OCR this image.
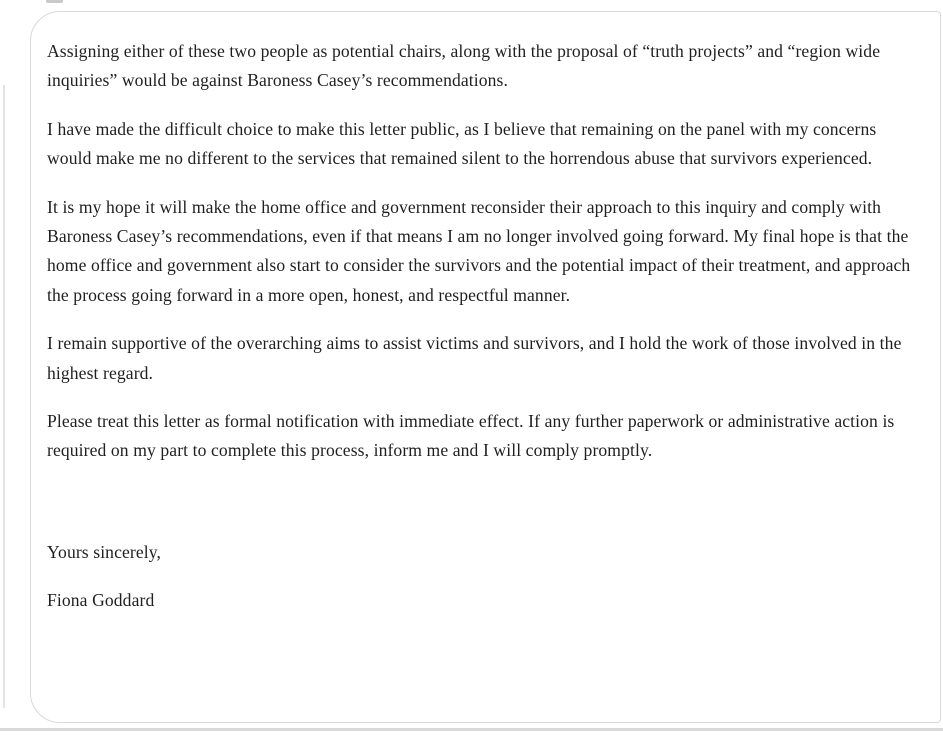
Assigning either of these two people as potential chairs, along with the proposal of “truth projects” and “region wide inquiries” would be against Baroness Casey’s recommendations.

I have made the difficult choice to make this letter public, as I believe that remaining on the panel with my concerns would make me no different to the services that remained silent to the horrendous abuse that survivors experienced.

It is my hope it will make the home office and government reconsider their approach to this inquiry and comply with Baroness Casey’s recommendations, even if that means I am no longer involved going forward. My final hope is that the home office and government also start to consider the survivors and the potential impact of their treatment, and approach the process going forward in a more open, honest, and respectful manner.

I remain supportive of the overarching aims to assist victims and survivors, and I hold the work of those involved in the highest regard.

Please treat this letter as formal notification with immediate effect. If any further paperwork or administrative action is required on my part to complete this process, inform me and I will comply promptly.

Yours sincerely,

Fiona Goddard
